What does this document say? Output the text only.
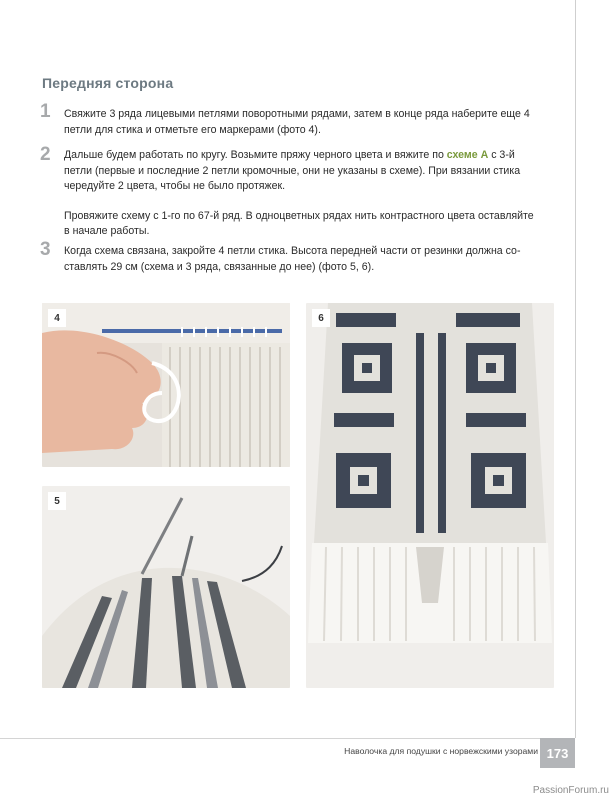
Передняя сторона
1 Свяжите 3 ряда лицевыми петлями поворотными рядами, затем в конце ряда наберите еще 4 петли для стика и отметьте его маркерами (фото 4).

2 Дальше будем работать по кругу. Возьмите пряжу черного цвета и вяжите по схеме А с 3-й петли (первые и последние 2 петли кромочные, они не указаны в схеме). При вязании стика чередуйте 2 цвета, чтобы не было протяжек.

Провяжите схему с 1-го по 67-й ряд. В одноцветных рядах нить контрастного цвета оставляйте в начале работы.

3 Когда схема связана, закройте 4 петли стика. Высота передней части от резинки должна составлять 29 см (схема и 3 ряда, связанные до нее) (фото 5, 6).

4
5
6
Наволочка для подушки с норвежскими узорами 173
PassionForum.ru
